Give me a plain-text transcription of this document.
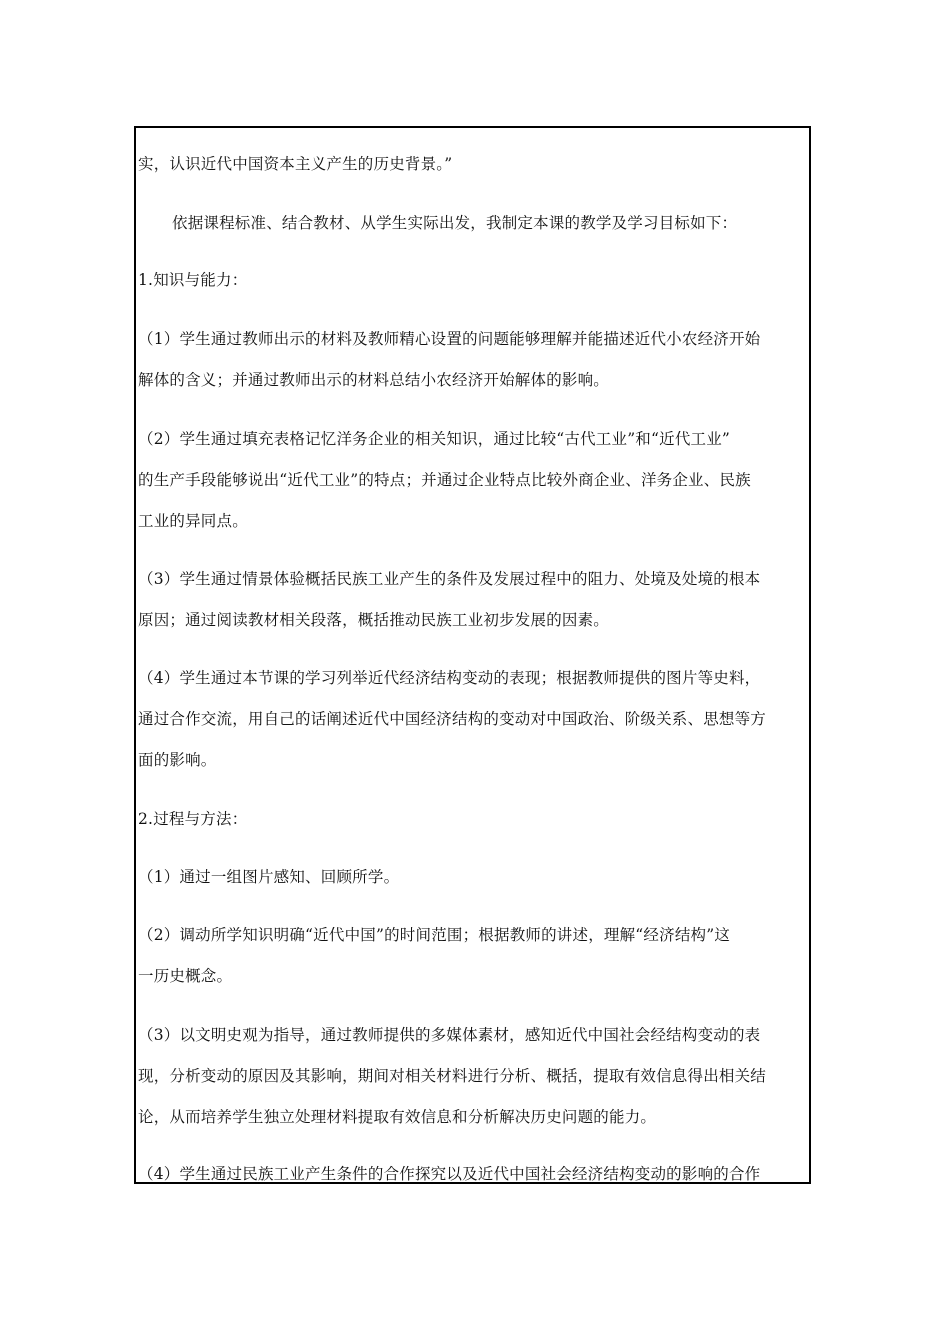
实，认识近代中国资本主义产生的历史背景。”
依据课程标准、结合教材、从学生实际出发，我制定本课的教学及学习目标如下：
1.知识与能力：
（1）学生通过教师出示的材料及教师精心设置的问题能够理解并能描述近代小农经济开始
解体的含义；并通过教师出示的材料总结小农经济开始解体的影响。
（2）学生通过填充表格记忆洋务企业的相关知识，通过比较“古代工业”和“近代工业”
的生产手段能够说出“近代工业”的特点；并通过企业特点比较外商企业、洋务企业、民族
工业的异同点。
（3）学生通过情景体验概括民族工业产生的条件及发展过程中的阻力、处境及处境的根本
原因；通过阅读教材相关段落，概括推动民族工业初步发展的因素。
（4）学生通过本节课的学习列举近代经济结构变动的表现；根据教师提供的图片等史料，
通过合作交流，用自己的话阐述近代中国经济结构的变动对中国政治、阶级关系、思想等方
面的影响。
2.过程与方法：
（1）通过一组图片感知、回顾所学。
（2）调动所学知识明确“近代中国”的时间范围；根据教师的讲述，理解“经济结构”这
一历史概念。
（3）以文明史观为指导，通过教师提供的多媒体素材，感知近代中国社会经结构变动的表
现，分析变动的原因及其影响，期间对相关材料进行分析、概括，提取有效信息得出相关结
论，从而培养学生独立处理材料提取有效信息和分析解决历史问题的能力。
（4）学生通过民族工业产生条件的合作探究以及近代中国社会经济结构变动的影响的合作
